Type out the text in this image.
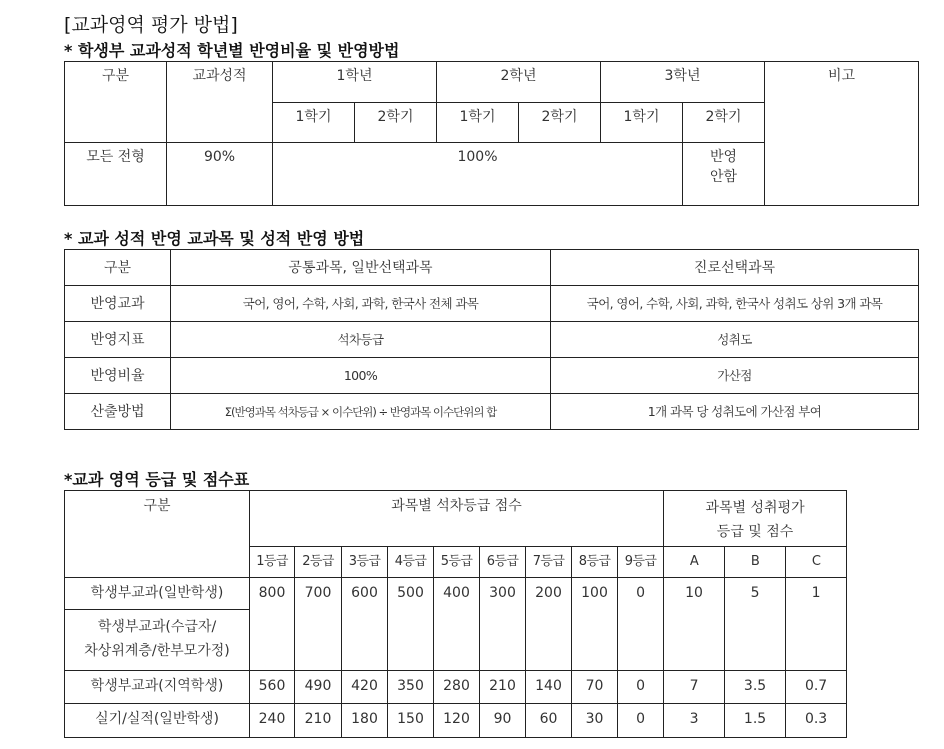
[교과영역 평가 방법]
* 학생부 교과성적 학년별 반영비율 및 반영방법
구분	교과성적	1학년		2학년		3학년		비고
		1학기	2학기	1학기	2학기	1학기	2학기	
모든 전형	90%	100%					반영
안함	
* 교과 성적 반영 교과목 및 성적 반영 방법
구분	공통과목, 일반선택과목	진로선택과목
반영교과	국어, 영어, 수학, 사회, 과학, 한국사 전체 과목	국어, 영어, 수학, 사회, 과학, 한국사 성취도 상위 3개 과목
반영지표	석차등급	성취도
반영비율	100%	가산점
산출방법	Σ(반영과목 석차등급 × 이수단위) ÷ 반영과목 이수단위의 합	1개 과목 당 성취도에 가산점 부여
*교과 영역 등급 및 점수표
구분	과목별 석차등급 점수									과목별 성취평가
등급 및 점수		
	1등급	2등급	3등급	4등급	5등급	6등급	7등급	8등급	9등급	A	B	C
학생부교과(일반학생)	800	700	600	500	400	300	200	100	0	10	5	1
학생부교과(수급자/
차상위계층/한부모가정)												
학생부교과(지역학생)	560	490	420	350	280	210	140	70	0	7	3.5	0.7
실기/실적(일반학생)	240	210	180	150	120	90	60	30	0	3	1.5	0.3
